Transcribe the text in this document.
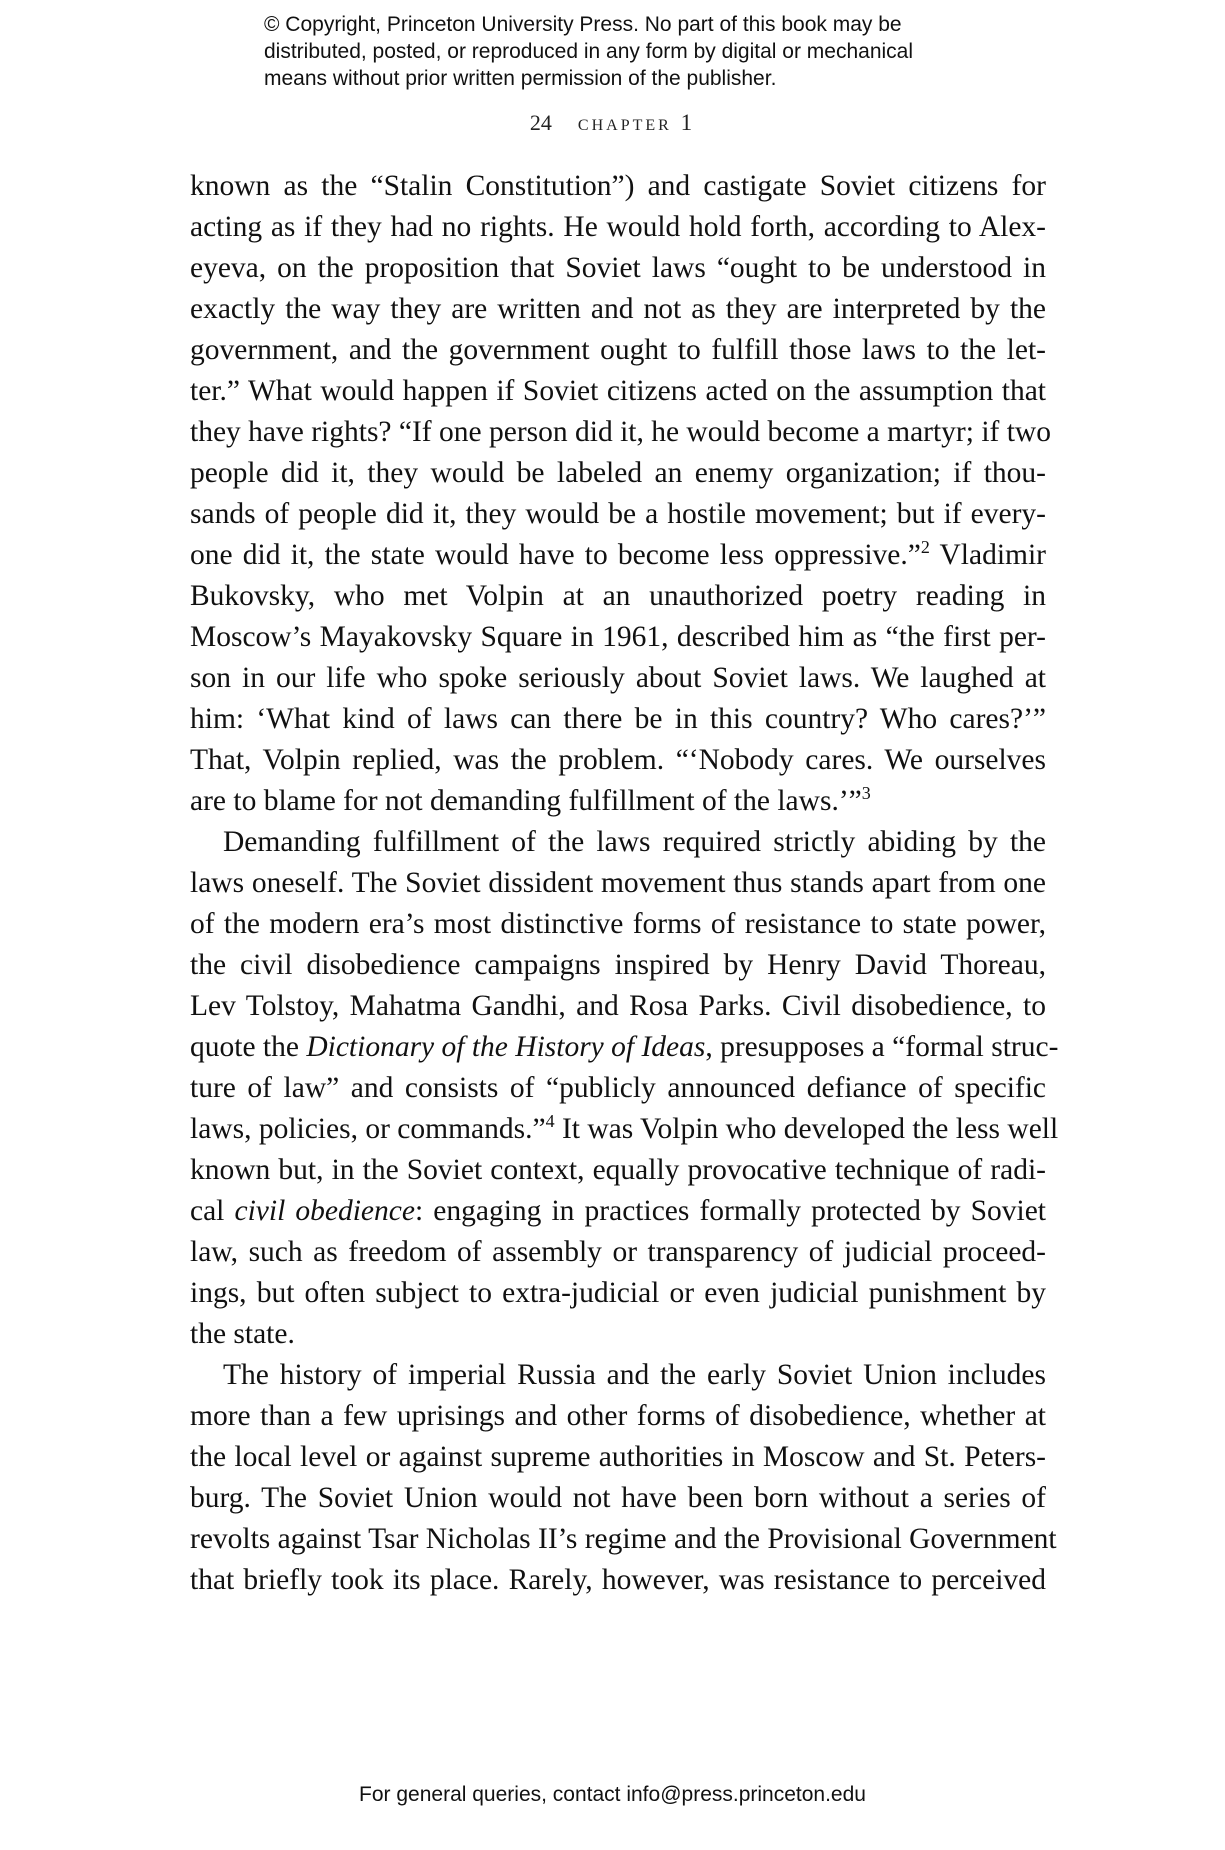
© Copyright, Princeton University Press. No part of this book may be
distributed, posted, or reproduced in any form by digital or mechanical
means without prior written permission of the publisher.
24 chapter 1
known as the “Stalin Constitution”) and castigate Soviet citizens for
acting as if they had no rights. He would hold forth, according to Alex-
eyeva, on the proposition that Soviet laws “ought to be understood in
exactly the way they are written and not as they are interpreted by the
government, and the government ought to fulfill those laws to the let-
ter.” What would happen if Soviet citizens acted on the assumption that
they have rights? “If one person did it, he would become a martyr; if two
people did it, they would be labeled an enemy organization; if thou-
sands of people did it, they would be a hostile movement; but if every-
one did it, the state would have to become less oppressive.”$^2$ Vladimir
Bukovsky, who met Volpin at an unauthorized poetry reading in
Moscow’s Mayakovsky Square in 1961, described him as “the first per-
son in our life who spoke seriously about Soviet laws. We laughed at
him: ‘What kind of laws can there be in this country? Who cares?’”
That, Volpin replied, was the problem. “‘Nobody cares. We ourselves
are to blame for not demanding fulfillment of the laws.’”$^3$
Demanding fulfillment of the laws required strictly abiding by the
laws oneself. The Soviet dissident movement thus stands apart from one
of the modern era’s most distinctive forms of resistance to state power,
the civil disobedience campaigns inspired by Henry David Thoreau,
Lev Tolstoy, Mahatma Gandhi, and Rosa Parks. Civil disobedience, to
quote the Dictionary of the History of Ideas, presupposes a “formal struc-
ture of law” and consists of “publicly announced defiance of specific
laws, policies, or commands.”$^4$ It was Volpin who developed the less well
known but, in the Soviet context, equally provocative technique of radi-
cal civil obedience: engaging in practices formally protected by Soviet
law, such as freedom of assembly or transparency of judicial proceed-
ings, but often subject to extra-judicial or even judicial punishment by
the state.
The history of imperial Russia and the early Soviet Union includes
more than a few uprisings and other forms of disobedience, whether at
the local level or against supreme authorities in Moscow and St. Peters-
burg. The Soviet Union would not have been born without a series of
revolts against Tsar Nicholas II’s regime and the Provisional Government
that briefly took its place. Rarely, however, was resistance to perceived
For general queries, contact info@press.princeton.edu
